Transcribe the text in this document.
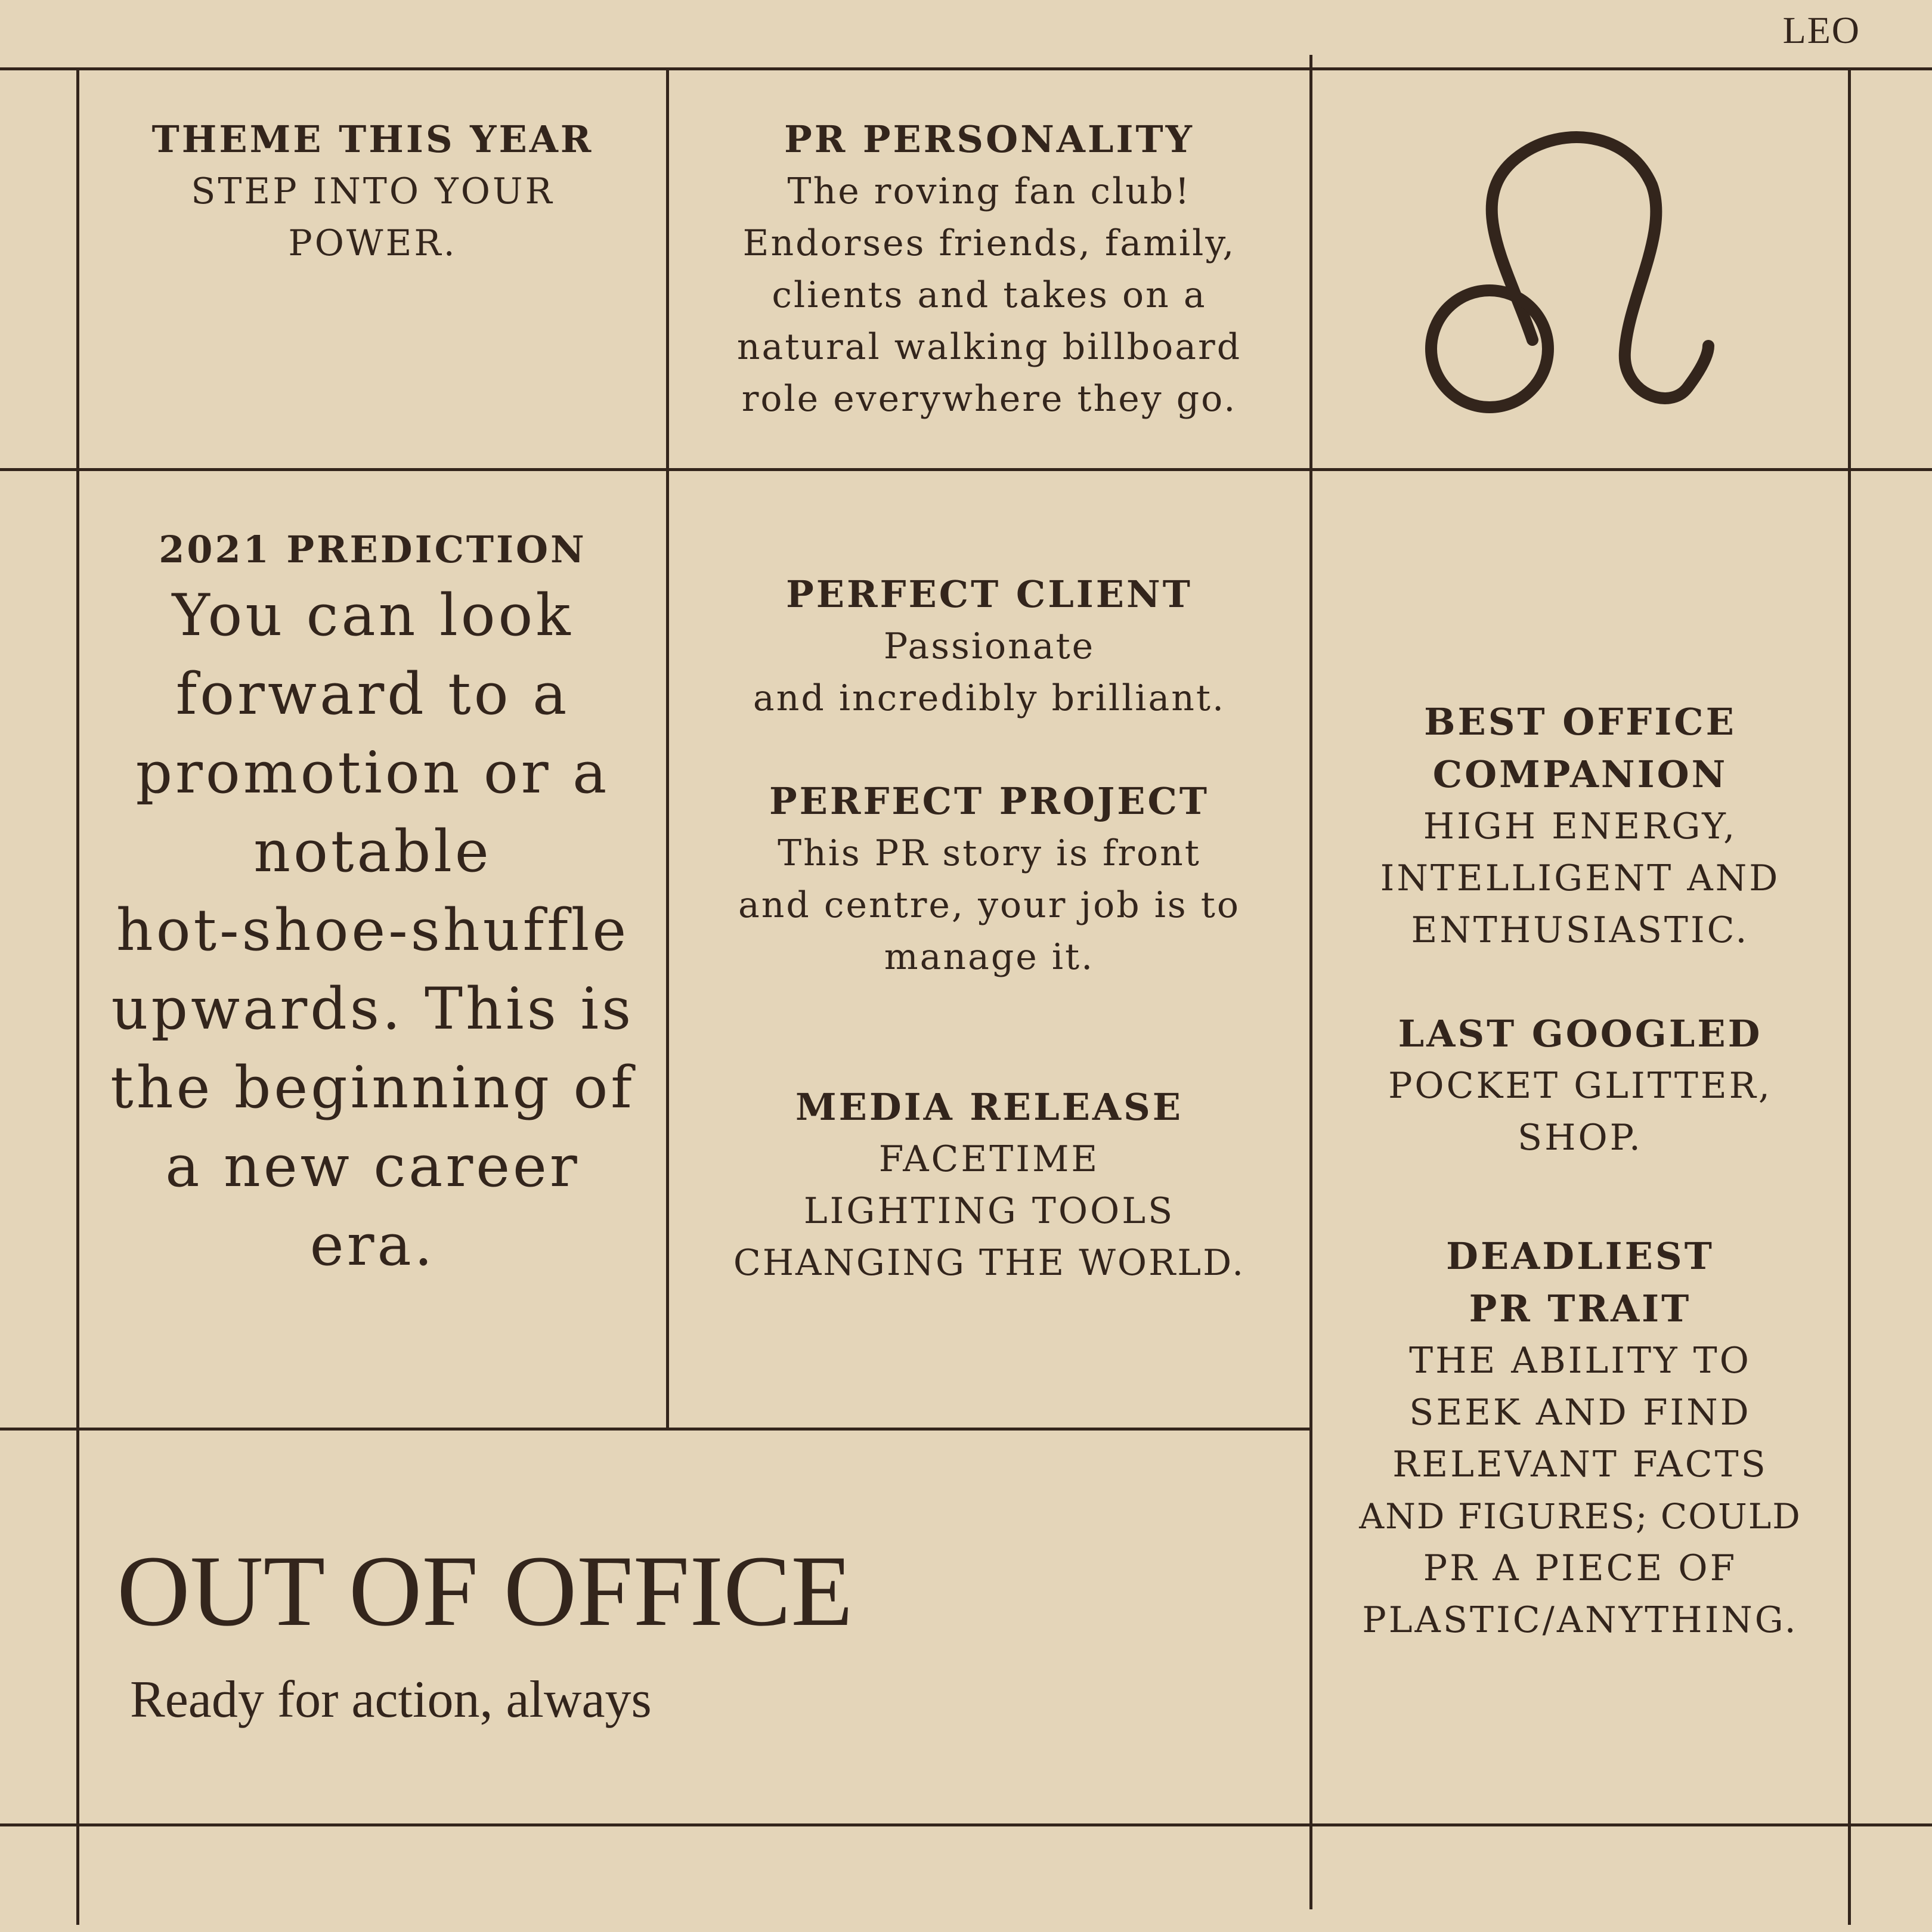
LEO
THEME THIS YEAR
STEP INTO YOUR
POWER.
PR PERSONALITY
The roving fan club!
Endorses friends, family,
clients and takes on a
natural walking billboard
role everywhere they go.
2021 PREDICTION
You can look
forward to a
promotion or a
notable
hot-shoe-shuffle
upwards. This is
the beginning of
a new career
era.
PERFECT CLIENT
Passionate
and incredibly brilliant.
PERFECT PROJECT
This PR story is front
and centre, your job is to
manage it.
MEDIA RELEASE
FACETIME
LIGHTING TOOLS
CHANGING THE WORLD.
BEST OFFICE
COMPANION
HIGH ENERGY,
INTELLIGENT AND
ENTHUSIASTIC.
LAST GOOGLED
POCKET GLITTER,
SHOP.
DEADLIEST
PR TRAIT
THE ABILITY TO
SEEK AND FIND
RELEVANT FACTS
AND FIGURES; COULD
PR A PIECE OF
PLASTIC/ANYTHING.
OUT OF OFFICE
Ready for action, always
